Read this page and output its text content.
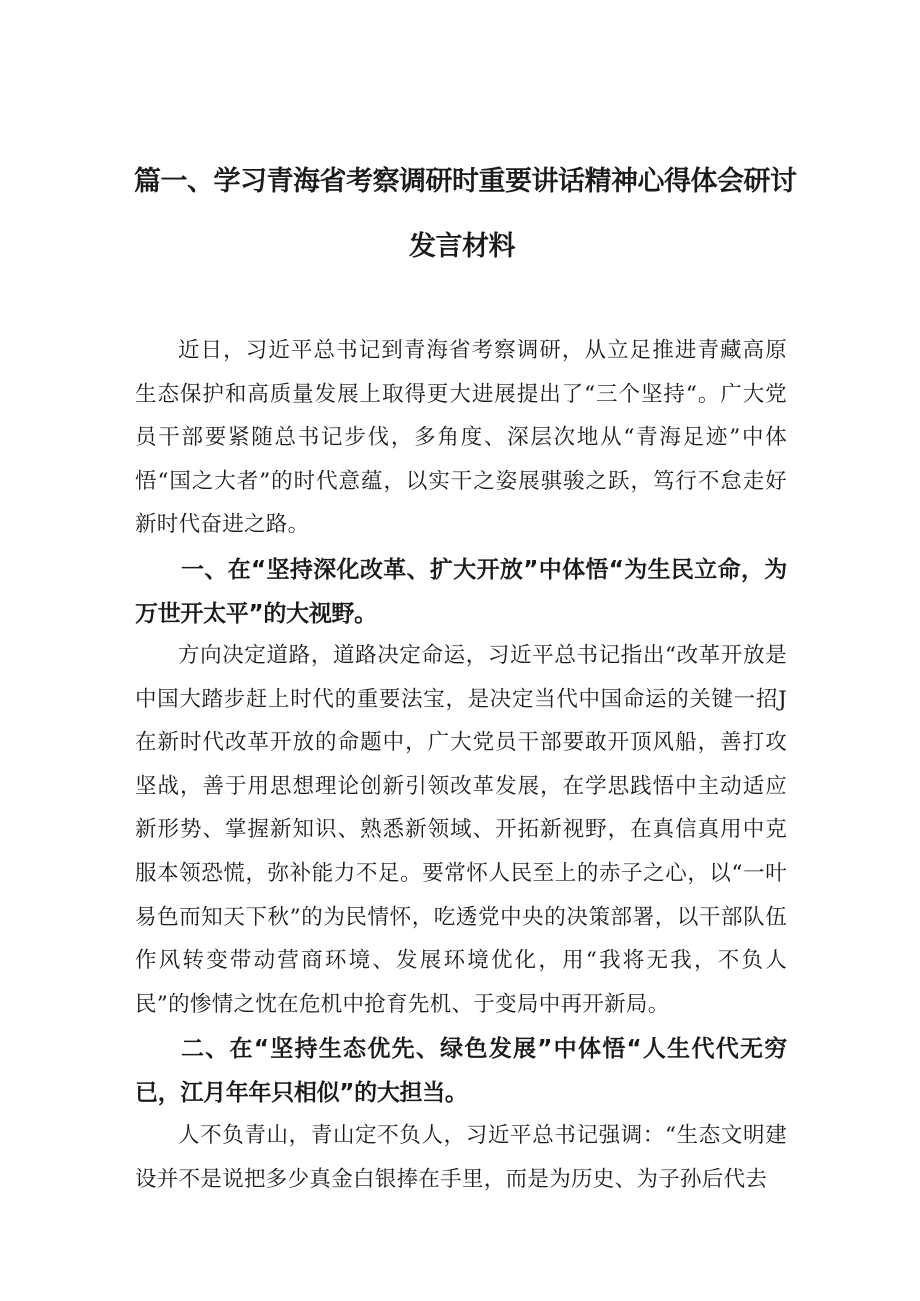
篇一、学习青海省考察调研时重要讲话精神心得体会研讨
发言材料

近日，习近平总书记到青海省考察调研，从立足推进青藏高原生态保护和高质量发展上取得更大进展提出了“三个坚持“。广大党员干部要紧随总书记步伐，多角度、深层次地从“青海足迹”中体悟“国之大者”的时代意蕴，以实干之姿展骐骏之跃，笃行不怠走好新时代奋进之路。

一、在“坚持深化改革、扩大开放”中体悟“为生民立命，为万世开太平”的大视野。

方向决定道路，道路决定命运，习近平总书记指出“改革开放是中国大踏步赶上时代的重要法宝，是决定当代中国命运的关键一招J在新时代改革开放的命题中，广大党员干部要敢开顶风船，善打攻坚战，善于用思想理论创新引领改革发展，在学思践悟中主动适应新形势、掌握新知识、熟悉新领域、开拓新视野，在真信真用中克服本领恐慌，弥补能力不足。要常怀人民至上的赤子之心，以“一叶易色而知天下秋”的为民情怀，吃透党中央的决策部署，以干部队伍作风转变带动营商环境、发展环境优化，用“我将无我，不负人民”的惨情之忱在危机中抢育先机、于变局中再开新局。

二、在“坚持生态优先、绿色发展”中体悟“人生代代无穷已，江月年年只相似”的大担当。

人不负青山，青山定不负人，习近平总书记强调：“生态文明建设并不是说把多少真金白银捧在手里，而是为历史、为子孙后代去
